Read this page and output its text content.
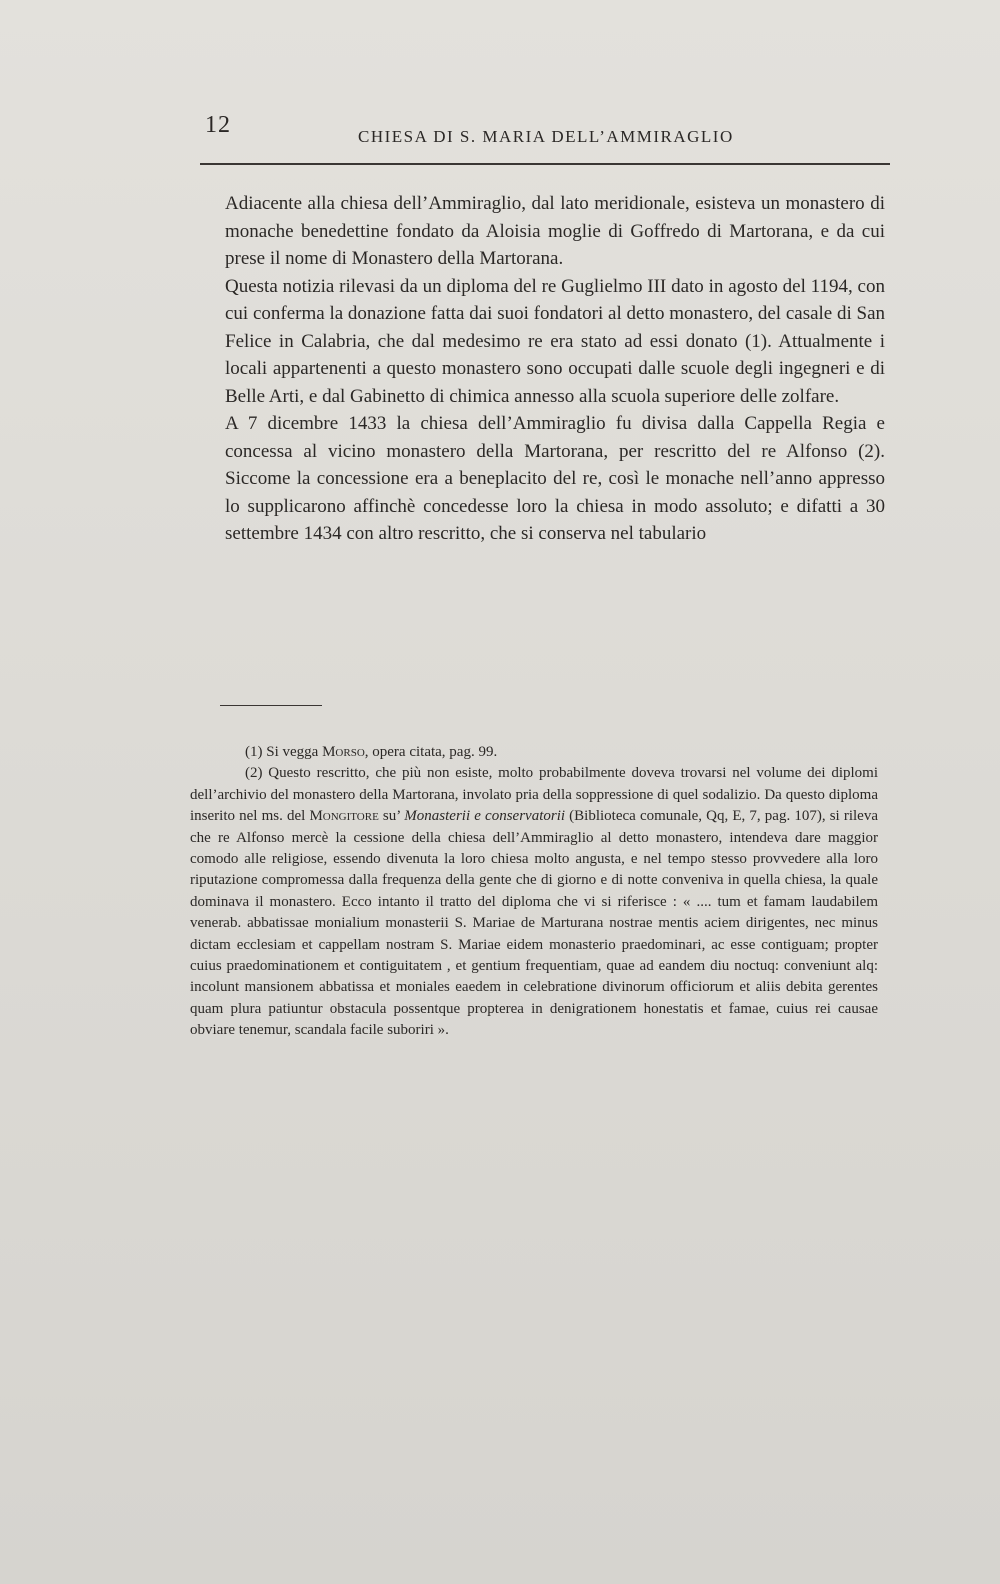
12	CHIESA DI S. MARIA DELL’AMMIRAGLIO

Adiacente alla chiesa dell’Ammiraglio, dal lato meridionale, esisteva un monastero di monache benedettine fondato da Aloisia moglie di Goffredo di Martorana, e da cui prese il nome di Monastero della Martorana.

Questa notizia rilevasi da un diploma del re Guglielmo III dato in agosto del 1194, con cui conferma la donazione fatta dai suoi fondatori al detto monastero, del casale di San Felice in Calabria, che dal medesimo re era stato ad essi donato (1). Attualmente i locali appartenenti a questo monastero sono occupati dalle scuole degli ingegneri e di Belle Arti, e dal Gabinetto di chimica annesso alla scuola superiore delle zolfare.

A 7 dicembre 1433 la chiesa dell’Ammiraglio fu divisa dalla Cappella Regia e concessa al vicino monastero della Martorana, per rescritto del re Alfonso (2). Siccome la concessione era a beneplacito del re, così le monache nell’anno appresso lo supplicarono affinchè concedesse loro la chiesa in modo assoluto; e difatti a 30 settembre 1434 con altro rescritto, che si conserva nel tabulario

(1) Si vegga Morso, opera citata, pag. 99.

(2) Questo rescritto, che più non esiste, molto probabilmente doveva trovarsi nel volume dei diplomi dell’archivio del monastero della Martorana, involato pria della soppressione di quel sodalizio. Da questo diploma inserito nel ms. del Mongitore su’ Monasterii e conservatorii (Biblioteca comunale, Qq, E, 7, pag. 107), si rileva che re Alfonso mercè la cessione della chiesa dell’Ammiraglio al detto monastero, intendeva dare maggior comodo alle religiose, essendo divenuta la loro chiesa molto angusta, e nel tempo stesso provvedere alla loro riputazione compromessa dalla frequenza della gente che di giorno e di notte conveniva in quella chiesa, la quale dominava il monastero. Ecco intanto il tratto del diploma che vi si riferisce : « .... tum et famam laudabilem venerab. abbatissae monialium monasterii S. Mariae de Marturana nostrae mentis aciem dirigentes, nec minus dictam ecclesiam et cappellam nostram S. Mariae eidem monasterio praedominari, ac esse contiguam; propter cuius praedominationem et contiguitatem , et gentium frequentiam, quae ad eandem diu noctuq: conveniunt alq: incolunt mansionem abbatissa et moniales eaedem in celebratione divinorum officiorum et aliis debita gerentes quam plura patiuntur obstacula possentque propterea in denigrationem honestatis et famae, cuius rei causae obviare tenemur, scandala facile suboriri ».
